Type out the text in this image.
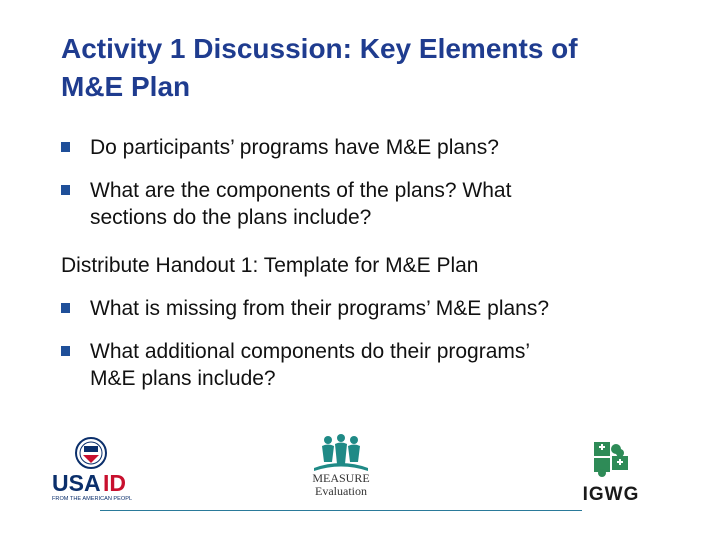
Activity 1 Discussion: Key Elements of
M&E Plan
Do participants’ programs have M&E plans?
What are the components of the plans? What
sections do the plans include?
Distribute Handout 1: Template for M&E Plan
What is missing from their programs’ M&E plans?
What additional components do their programs’
M&E plans include?
USA ID
FROM THE AMERICAN PEOPLE
MEASURE
Evaluation	IGWG
